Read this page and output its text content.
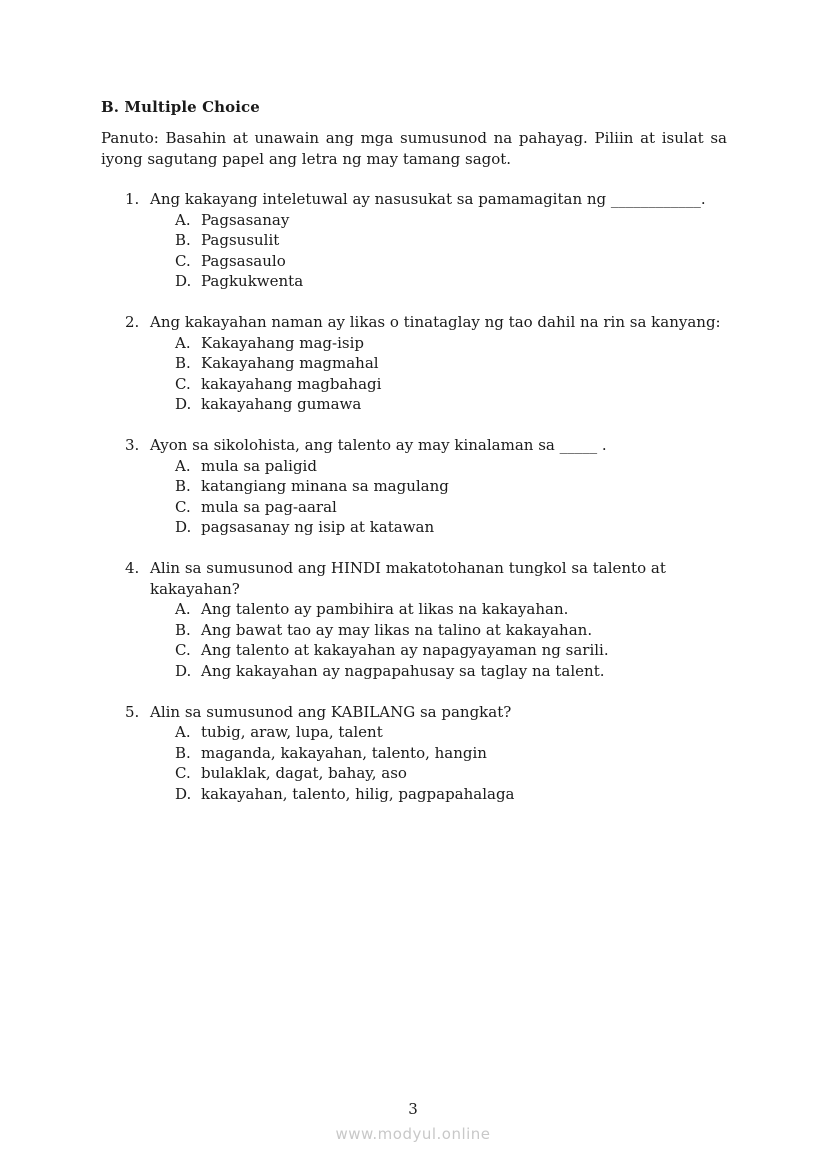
B. Multiple Choice
Panuto: Basahin at unawain ang mga sumusunod na pahayag. Piliin at isulat sa iyong sagutang papel ang letra ng may tamang sagot.
1. Ang kakayang inteletuwal ay nasusukat sa pamamagitan ng ____________.
A. Pagsasanay
B. Pagsusulit
C. Pagsasaulo
D. Pagkukwenta
2. Ang kakayahan naman ay likas o tinataglay ng tao dahil na rin sa kanyang:
A. Kakayahang mag-isip
B. Kakayahang magmahal
C. kakayahang magbahagi
D. kakayahang gumawa
3. Ayon sa sikolohista, ang talento ay may kinalaman sa _____ .
A. mula sa paligid
B. katangiang minana sa magulang
C. mula sa pag-aaral
D. pagsasanay ng isip at katawan
4. Alin sa sumusunod ang HINDI makatotohanan tungkol sa talento at kakayahan?
A. Ang talento ay pambihira at likas na kakayahan.
B. Ang bawat tao ay may likas na talino at kakayahan.
C. Ang talento at kakayahan ay napagyayaman ng sarili.
D. Ang kakayahan ay nagpapahusay sa taglay na talent.
5. Alin sa sumusunod ang KABILANG sa pangkat?
A. tubig, araw, lupa, talent
B. maganda, kakayahan, talento, hangin
C. bulaklak, dagat, bahay, aso
D. kakayahan, talento, hilig, pagpapahalaga
3
www.modyul.online
